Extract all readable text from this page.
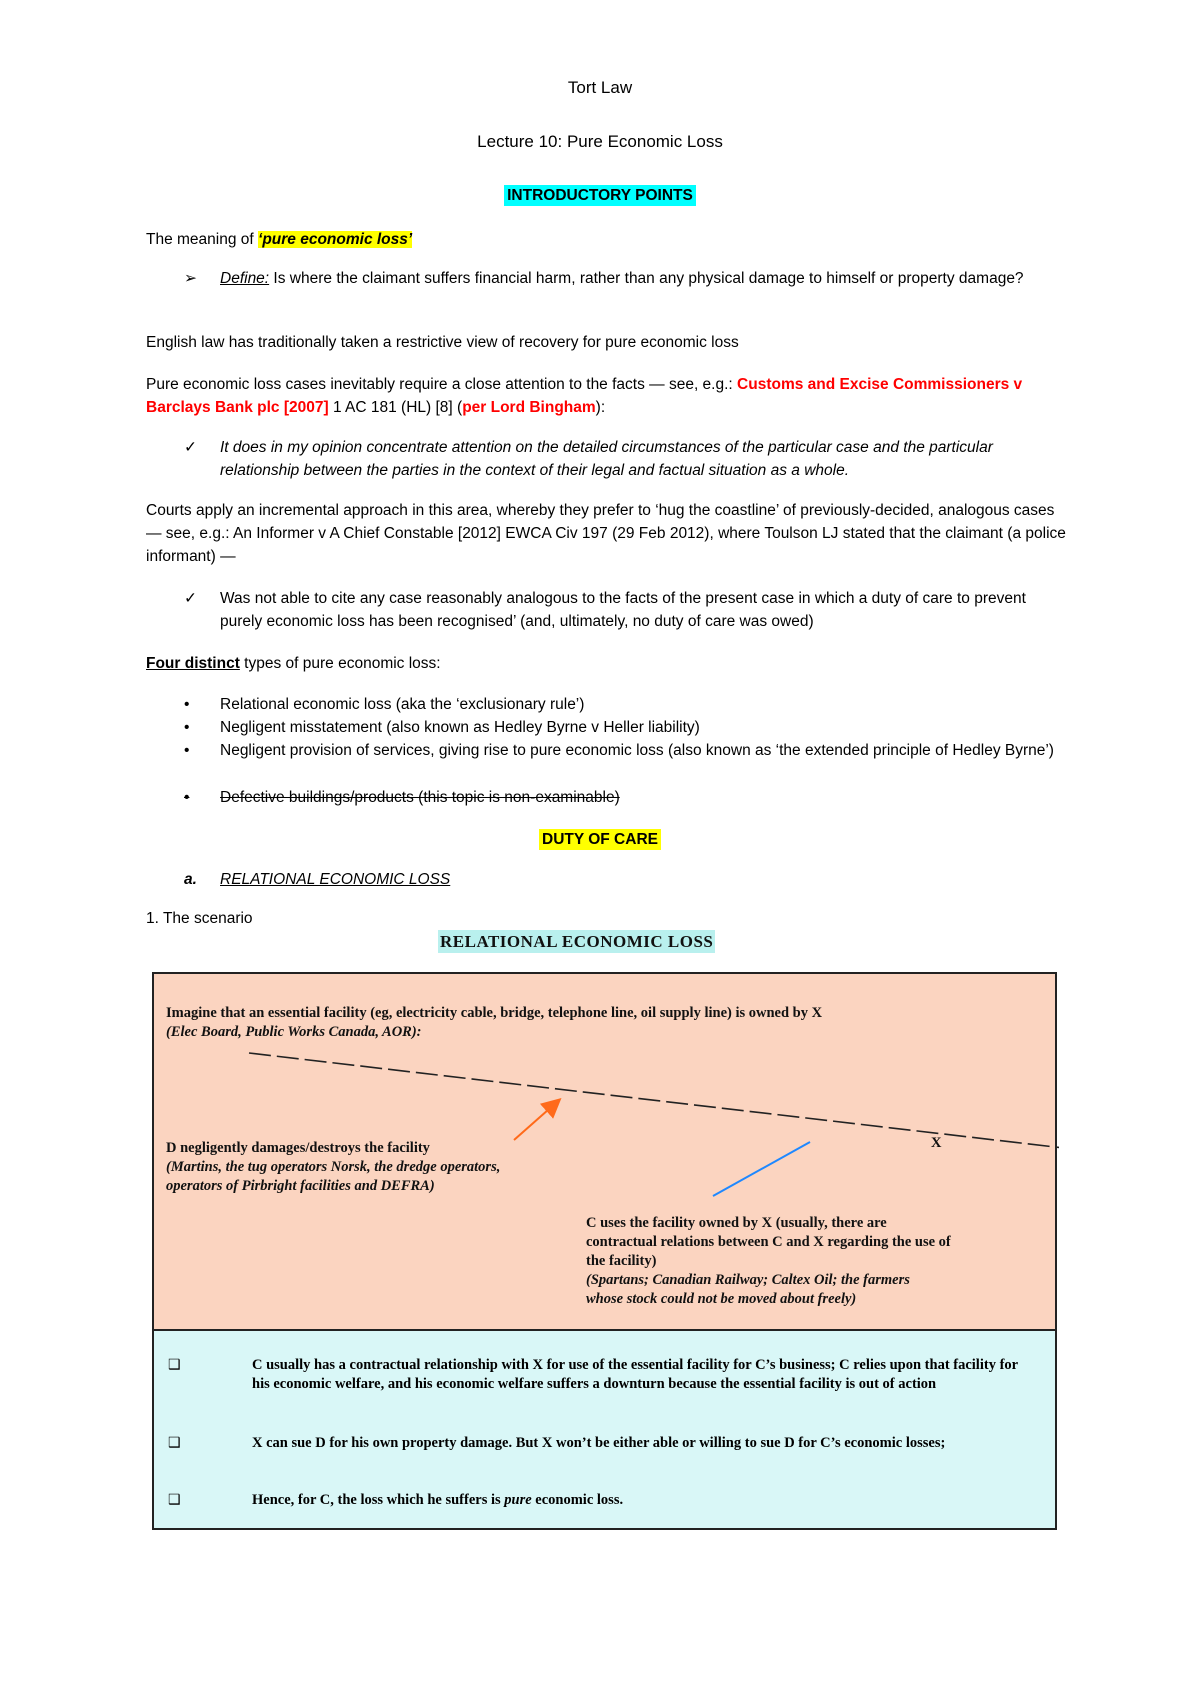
Tort Law
Lecture 10: Pure Economic Loss
INTRODUCTORY POINTS
The meaning of ‘pure economic loss’
➢	Define: Is where the claimant suffers financial harm, rather than any physical damage to himself or property damage?
English law has traditionally taken a restrictive view of recovery for pure economic loss
Pure economic loss cases inevitably require a close attention to the facts — see, e.g.: Customs and Excise Commissioners v Barclays Bank plc [2007] 1 AC 181 (HL) [8] (per Lord Bingham):
✓	It does in my opinion concentrate attention on the detailed circumstances of the particular case and the particular relationship between the parties in the context of their legal and factual situation as a whole.
Courts apply an incremental approach in this area, whereby they prefer to ‘hug the coastline’ of previously-decided, analogous cases — see, e.g.: An Informer v A Chief Constable [2012] EWCA Civ 197 (29 Feb 2012), where Toulson LJ stated that the claimant (a police informant) —
✓	Was not able to cite any case reasonably analogous to the facts of the present case in which a duty of care to prevent purely economic loss has been recognised’ (and, ultimately, no duty of care was owed)
Four distinct types of pure economic loss:
•	Relational economic loss (aka the ‘exclusionary rule’)
•	Negligent misstatement (also known as Hedley Byrne v Heller liability)
•	Negligent provision of services, giving rise to pure economic loss (also known as ‘the extended principle of Hedley Byrne’)
•	Defective buildings/products (this topic is non-examinable)
DUTY OF CARE
a. RELATIONAL ECONOMIC LOSS
1. The scenario
RELATIONAL ECONOMIC LOSS
Imagine that an essential facility (eg, electricity cable, bridge, telephone line, oil supply line) is owned by X
(Elec Board, Public Works Canada, AOR):
X
D negligently damages/destroys the facility
(Martins, the tug operators Norsk, the dredge operators,
operators of Pirbright facilities and DEFRA)
C uses the facility owned by X (usually, there are
contractual relations between C and X regarding the use of
the facility)
(Spartans; Canadian Railway; Caltex Oil; the farmers
whose stock could not be moved about freely)
❑	C usually has a contractual relationship with X for use of the essential facility for C’s business; C relies upon that facility for his economic welfare, and his economic welfare suffers a downturn because the essential facility is out of action
❑	X can sue D for his own property damage. But X won’t be either able or willing to sue D for C’s economic losses;
❑	Hence, for C, the loss which he suffers is pure economic loss.
